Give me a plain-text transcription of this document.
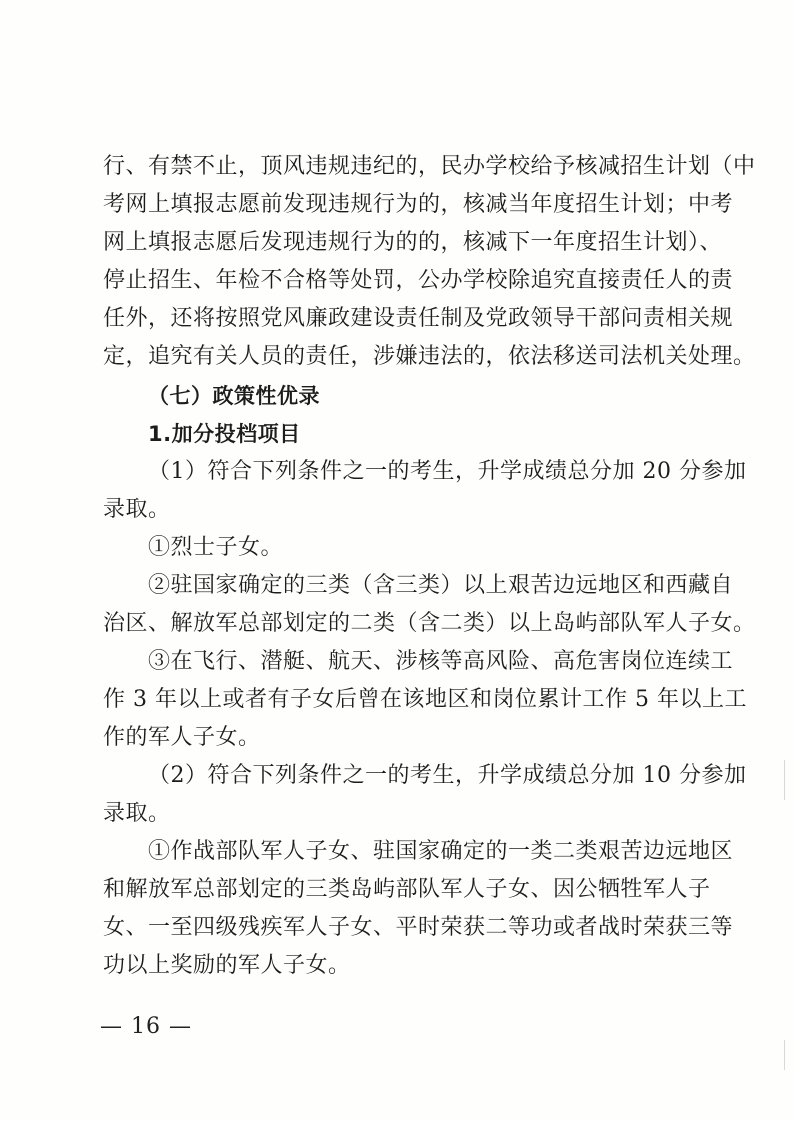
行、有禁不止，顶风违规违纪的，民办学校给予核减招生计划（中
考网上填报志愿前发现违规行为的，核减当年度招生计划；中考
网上填报志愿后发现违规行为的的，核减下一年度招生计划）、
停止招生、年检不合格等处罚，公办学校除追究直接责任人的责
任外，还将按照党风廉政建设责任制及党政领导干部问责相关规
定，追究有关人员的责任，涉嫌违法的，依法移送司法机关处理。
（七）政策性优录
1.加分投档项目
（1）符合下列条件之一的考生，升学成绩总分加 20 分参加
录取。
①烈士子女。
②驻国家确定的三类（含三类）以上艰苦边远地区和西藏自
治区、解放军总部划定的二类（含二类）以上岛屿部队军人子女。
③在飞行、潜艇、航天、涉核等高风险、高危害岗位连续工
作 3 年以上或者有子女后曾在该地区和岗位累计工作 5 年以上工
作的军人子女。
（2）符合下列条件之一的考生，升学成绩总分加 10 分参加
录取。
①作战部队军人子女、驻国家确定的一类二类艰苦边远地区
和解放军总部划定的三类岛屿部队军人子女、因公牺牲军人子
女、一至四级残疾军人子女、平时荣获二等功或者战时荣获三等
功以上奖励的军人子女。
— 16 —
